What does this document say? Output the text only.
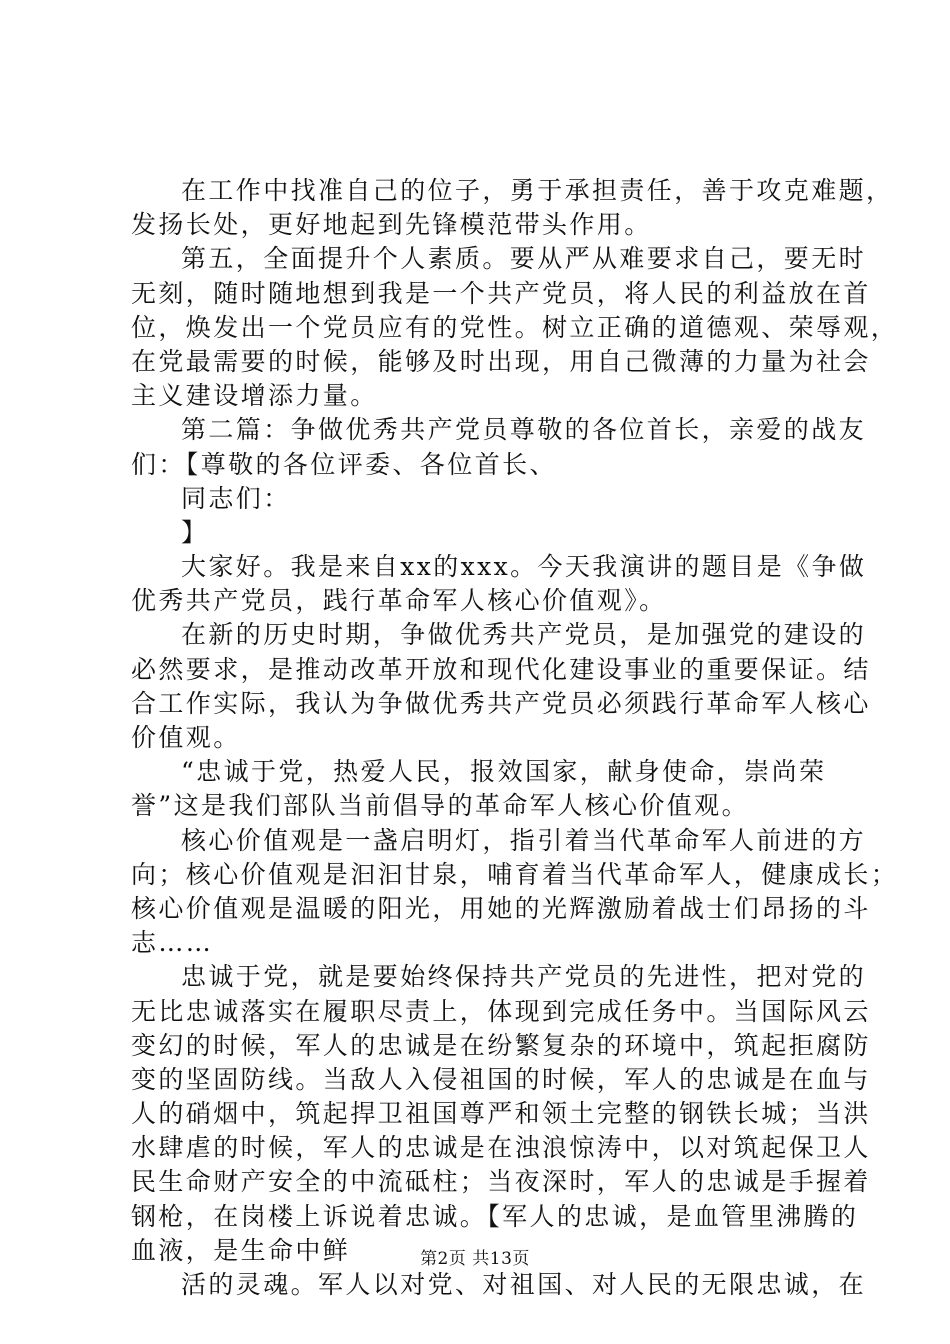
在工作中找准自己的位子，勇于承担责任，善于攻克难题，
发扬长处，更好地起到先锋模范带头作用。
第五，全面提升个人素质。要从严从难要求自己，要无时
无刻，随时随地想到我是一个共产党员，将人民的利益放在首
位，焕发出一个党员应有的党性。树立正确的道德观、荣辱观，
在党最需要的时候，能够及时出现，用自己微薄的力量为社会
主义建设增添力量。
第二篇：争做优秀共产党员尊敬的各位首长，亲爱的战友
们：【尊敬的各位评委、各位首长、
同志们：
】
大家好。我是来自xx的xxx。今天我演讲的题目是《争做
优秀共产党员，践行革命军人核心价值观》。
在新的历史时期，争做优秀共产党员，是加强党的建设的
必然要求，是推动改革开放和现代化建设事业的重要保证。结
合工作实际，我认为争做优秀共产党员必须践行革命军人核心
价值观。
“忠诚于党，热爱人民，报效国家，献身使命，崇尚荣
誉”这是我们部队当前倡导的革命军人核心价值观。
核心价值观是一盏启明灯，指引着当代革命军人前进的方
向；核心价值观是汩汩甘泉，哺育着当代革命军人，健康成长；
核心价值观是温暖的阳光，用她的光辉激励着战士们昂扬的斗
志……
忠诚于党，就是要始终保持共产党员的先进性，把对党的
无比忠诚落实在履职尽责上，体现到完成任务中。当国际风云
变幻的时候，军人的忠诚是在纷繁复杂的环境中，筑起拒腐防
变的坚固防线。当敌人入侵祖国的时候，军人的忠诚是在血与
人的硝烟中，筑起捍卫祖国尊严和领土完整的钢铁长城；当洪
水肆虐的时候，军人的忠诚是在浊浪惊涛中，以对筑起保卫人
民生命财产安全的中流砥柱；当夜深时，军人的忠诚是手握着
钢枪，在岗楼上诉说着忠诚。【军人的忠诚，是血管里沸腾的
血液，是生命中鲜
活的灵魂。军人以对党、对祖国、对人民的无限忠诚，在
第2页 共13页
